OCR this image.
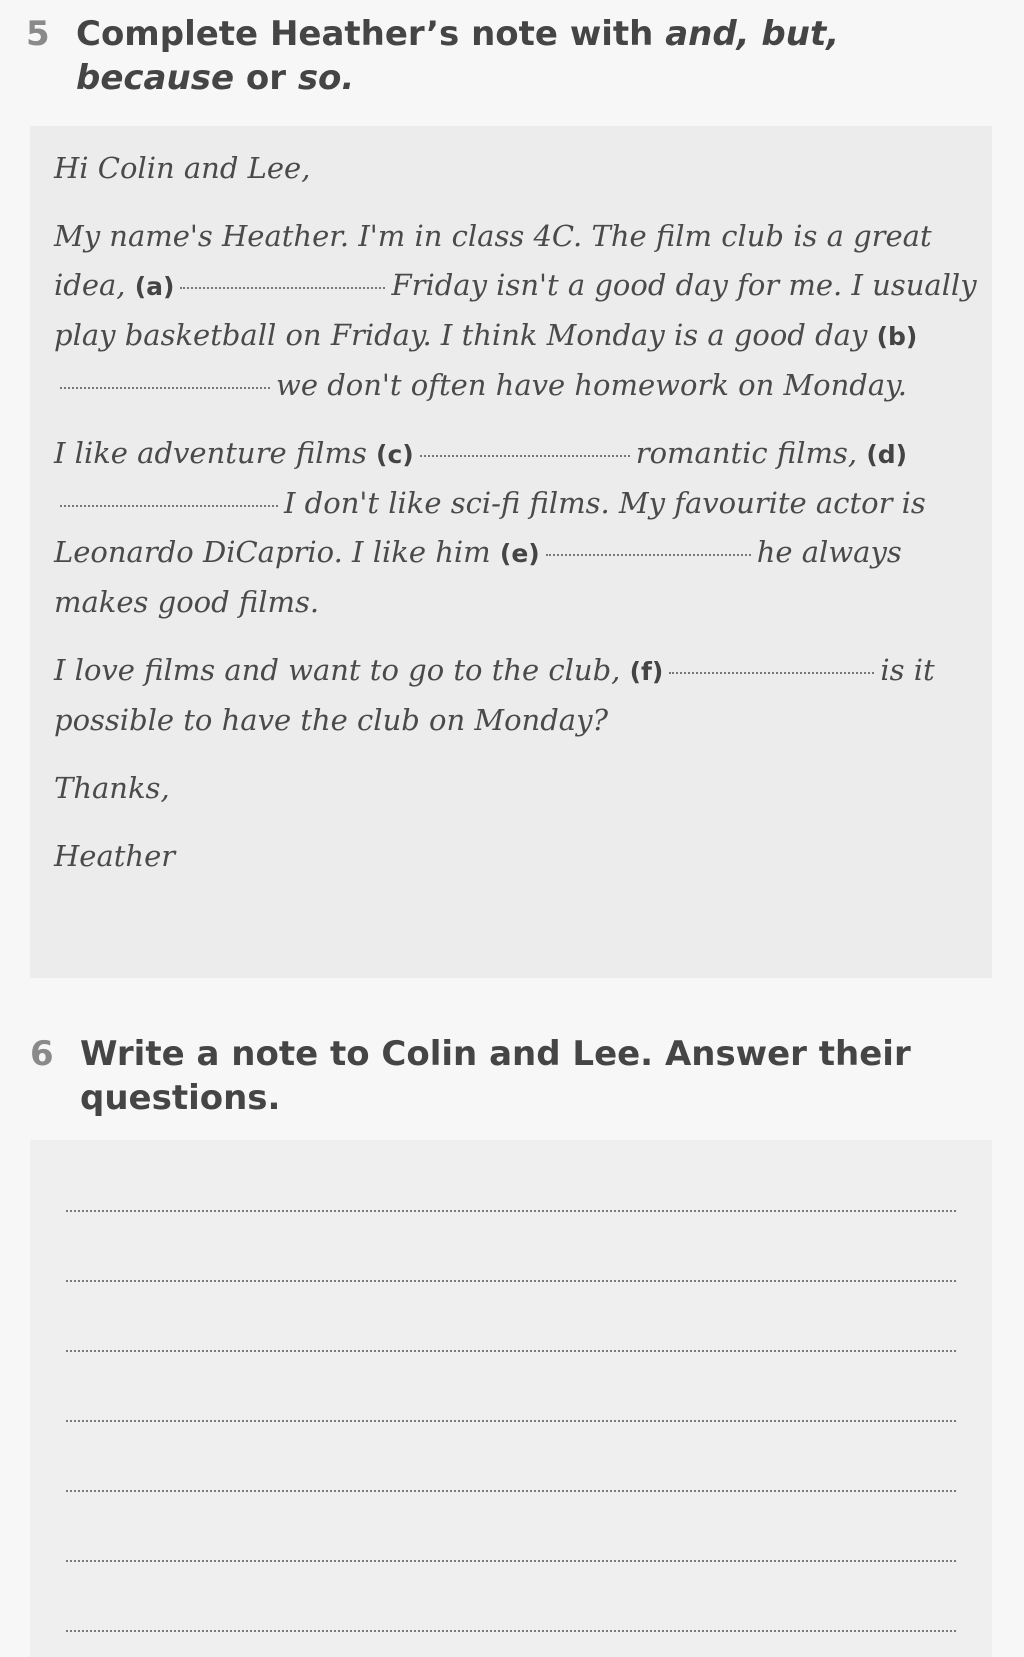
5 Complete Heather’s note with and, but, because or so.

Hi Colin and Lee,

My name's Heather. I'm in class 4C. The film club is a great idea, (a)	Friday isn't a good day for me. I usually play basketball on Friday. I think Monday is a good day (b)we don't often have homework on Monday.

I like adventure films (c)	romantic films, (d)I don't like sci-fi films. My favourite actor is Leonardo DiCaprio. I like him (e)	he always makes good films.

I love films and want to go to the club, (f)	is it possible to have the club on Monday?

Thanks,

Heather

6 Write a note to Colin and Lee. Answer their questions.
